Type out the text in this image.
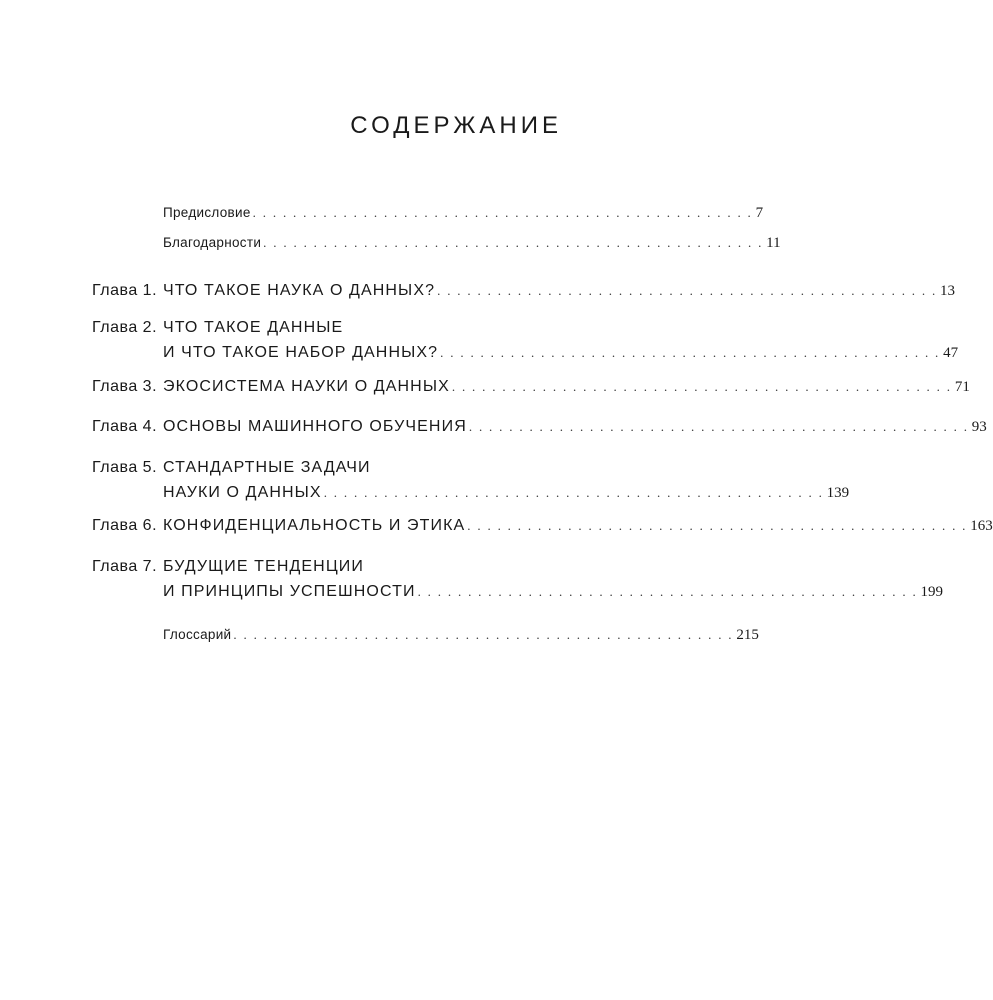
СОДЕРЖАНИЕ
Предисловие . . . . . . . . . . . . . . . . . . . . . . . . . . . . . . . . . . . . . . . . . . . . . . . . . . 7
Благодарности . . . . . . . . . . . . . . . . . . . . . . . . . . . . . . . . . . . . . . . . . . . . . . . . . . 11
Глава 1. ЧТО ТАКОЕ НАУКА О ДАННЫХ? . . . . . . . . . . . . . . . . . . . . . . . . . . . . . . . . . . . . . . . . . . . . . . . . . . 13
Глава 2. ЧТО ТАКОЕ ДАННЫЕ
И ЧТО ТАКОЕ НАБОР ДАННЫХ? . . . . . . . . . . . . . . . . . . . . . . . . . . . . . . . . . . . . . . . . . . . . . . . . . . 47
Глава 3. ЭКОСИСТЕМА НАУКИ О ДАННЫХ . . . . . . . . . . . . . . . . . . . . . . . . . . . . . . . . . . . . . . . . . . . . . . . . . . 71
Глава 4. ОСНОВЫ МАШИННОГО ОБУЧЕНИЯ . . . . . . . . . . . . . . . . . . . . . . . . . . . . . . . . . . . . . . . . . . . . . . . . . . 93
Глава 5. СТАНДАРТНЫЕ ЗАДАЧИ
НАУКИ О ДАННЫХ . . . . . . . . . . . . . . . . . . . . . . . . . . . . . . . . . . . . . . . . . . . . . . . . . . 139
Глава 6. КОНФИДЕНЦИАЛЬНОСТЬ И ЭТИКА . . . . . . . . . . . . . . . . . . . . . . . . . . . . . . . . . . . . . . . . . . . . . . . . . . 163
Глава 7. БУДУЩИЕ ТЕНДЕНЦИИ
И ПРИНЦИПЫ УСПЕШНОСТИ . . . . . . . . . . . . . . . . . . . . . . . . . . . . . . . . . . . . . . . . . . . . . . . . . . 199
Глоссарий . . . . . . . . . . . . . . . . . . . . . . . . . . . . . . . . . . . . . . . . . . . . . . . . . . 215
